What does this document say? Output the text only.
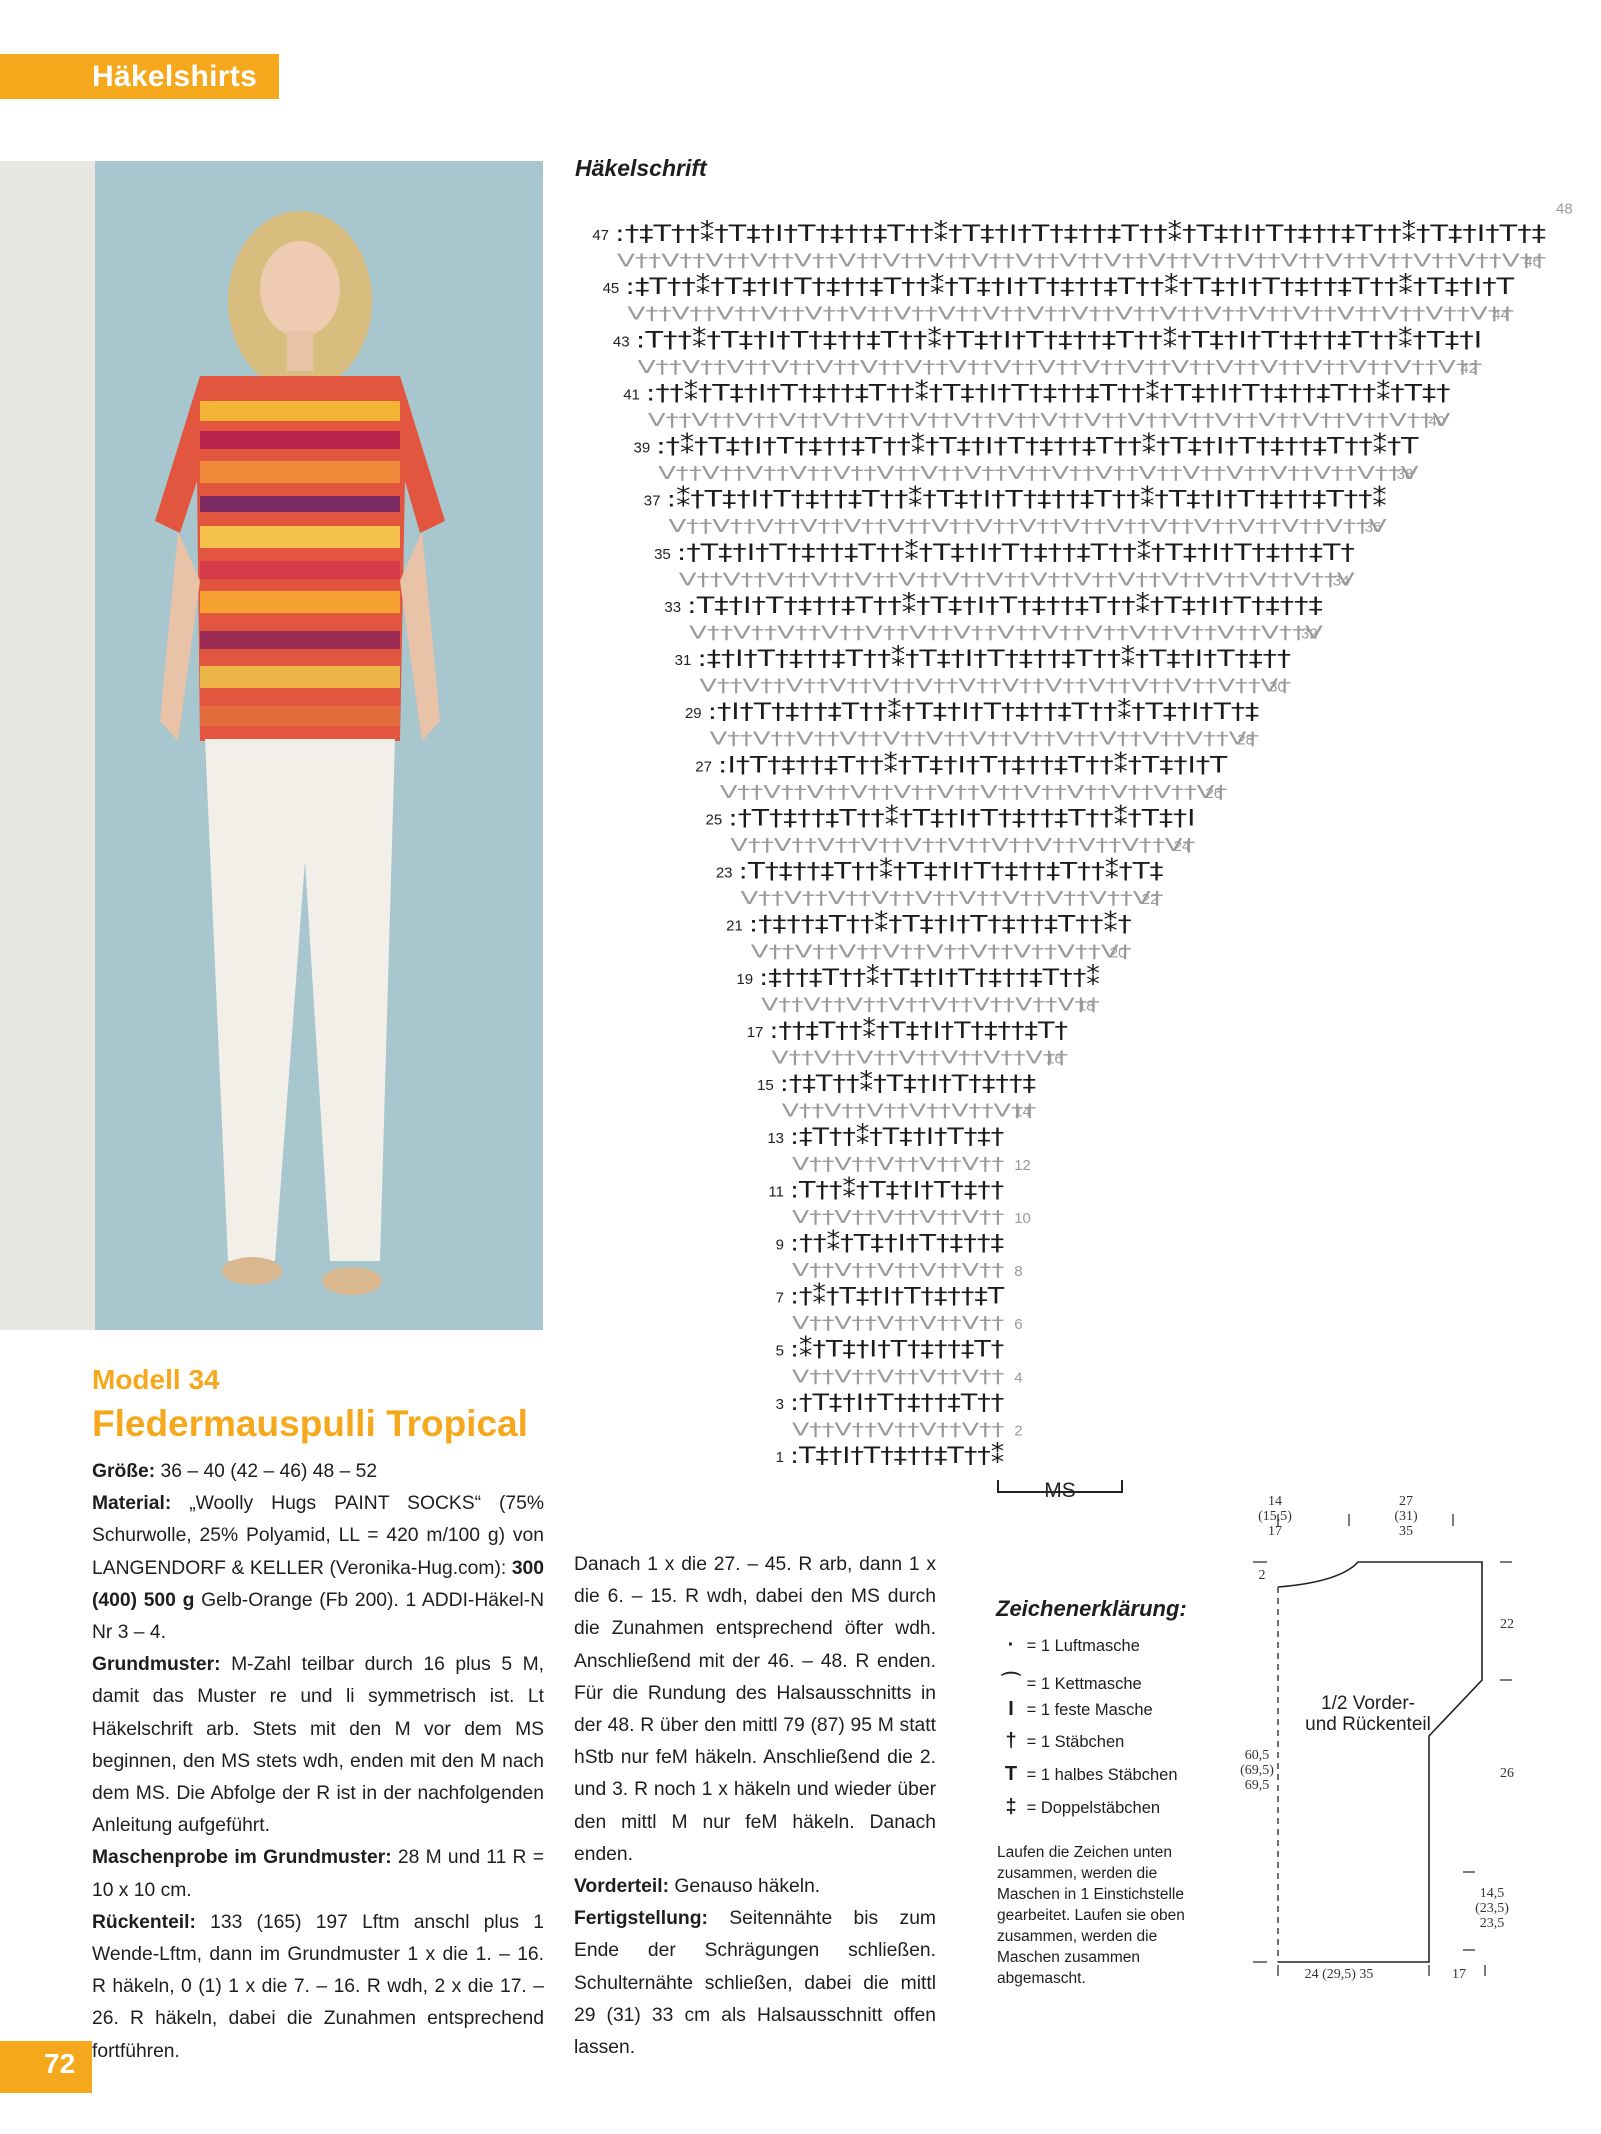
Häkelshirts
Häkelschrift
:†‡T††⁑†T‡†I†T†‡††‡T††⁑†T‡†I†T†‡††‡T††⁑†T‡†I†T†‡††‡T††⁑†T‡†I†T†‡
ᐯ††ᐯ††ᐯ††ᐯ††ᐯ††ᐯ††ᐯ††ᐯ††ᐯ††ᐯ††ᐯ††ᐯ††ᐯ††ᐯ††ᐯ††ᐯ††ᐯ††ᐯ††ᐯ††ᐯ††ᐯ††
:‡T††⁑†T‡†I†T†‡††‡T††⁑†T‡†I†T†‡††‡T††⁑†T‡†I†T†‡††‡T††⁑†T‡†I†T
ᐯ††ᐯ††ᐯ††ᐯ††ᐯ††ᐯ††ᐯ††ᐯ††ᐯ††ᐯ††ᐯ††ᐯ††ᐯ††ᐯ††ᐯ††ᐯ††ᐯ††ᐯ††ᐯ††ᐯ††
:T††⁑†T‡†I†T†‡††‡T††⁑†T‡†I†T†‡††‡T††⁑†T‡†I†T†‡††‡T††⁑†T‡†I
ᐯ††ᐯ††ᐯ††ᐯ††ᐯ††ᐯ††ᐯ††ᐯ††ᐯ††ᐯ††ᐯ††ᐯ††ᐯ††ᐯ††ᐯ††ᐯ††ᐯ††ᐯ††ᐯ††
:††⁑†T‡†I†T†‡††‡T††⁑†T‡†I†T†‡††‡T††⁑†T‡†I†T†‡††‡T††⁑†T‡†
ᐯ††ᐯ††ᐯ††ᐯ††ᐯ††ᐯ††ᐯ††ᐯ††ᐯ††ᐯ††ᐯ††ᐯ††ᐯ††ᐯ††ᐯ††ᐯ††ᐯ††ᐯ††ᐯ
:†⁑†T‡†I†T†‡††‡T††⁑†T‡†I†T†‡††‡T††⁑†T‡†I†T†‡††‡T††⁑†T
ᐯ††ᐯ††ᐯ††ᐯ††ᐯ††ᐯ††ᐯ††ᐯ††ᐯ††ᐯ††ᐯ††ᐯ††ᐯ††ᐯ††ᐯ††ᐯ††ᐯ††ᐯ
:⁑†T‡†I†T†‡††‡T††⁑†T‡†I†T†‡††‡T††⁑†T‡†I†T†‡††‡T††⁑
ᐯ††ᐯ††ᐯ††ᐯ††ᐯ††ᐯ††ᐯ††ᐯ††ᐯ††ᐯ††ᐯ††ᐯ††ᐯ††ᐯ††ᐯ††ᐯ††ᐯ
:†T‡†I†T†‡††‡T††⁑†T‡†I†T†‡††‡T††⁑†T‡†I†T†‡††‡T†
ᐯ††ᐯ††ᐯ††ᐯ††ᐯ††ᐯ††ᐯ††ᐯ††ᐯ††ᐯ††ᐯ††ᐯ††ᐯ††ᐯ††ᐯ††ᐯ
:T‡†I†T†‡††‡T††⁑†T‡†I†T†‡††‡T††⁑†T‡†I†T†‡††‡
ᐯ††ᐯ††ᐯ††ᐯ††ᐯ††ᐯ††ᐯ††ᐯ††ᐯ††ᐯ††ᐯ††ᐯ††ᐯ††ᐯ††ᐯ
:‡†I†T†‡††‡T††⁑†T‡†I†T†‡††‡T††⁑†T‡†I†T†‡††
ᐯ††ᐯ††ᐯ††ᐯ††ᐯ††ᐯ††ᐯ††ᐯ††ᐯ††ᐯ††ᐯ††ᐯ††ᐯ††ᐯ†
:†I†T†‡††‡T††⁑†T‡†I†T†‡††‡T††⁑†T‡†I†T†‡
ᐯ††ᐯ††ᐯ††ᐯ††ᐯ††ᐯ††ᐯ††ᐯ††ᐯ††ᐯ††ᐯ††ᐯ††ᐯ†
:I†T†‡††‡T††⁑†T‡†I†T†‡††‡T††⁑†T‡†I†T
ᐯ††ᐯ††ᐯ††ᐯ††ᐯ††ᐯ††ᐯ††ᐯ††ᐯ††ᐯ††ᐯ††ᐯ†
:†T†‡††‡T††⁑†T‡†I†T†‡††‡T††⁑†T‡†I
ᐯ††ᐯ††ᐯ††ᐯ††ᐯ††ᐯ††ᐯ††ᐯ††ᐯ††ᐯ††ᐯ†
:T†‡††‡T††⁑†T‡†I†T†‡††‡T††⁑†T‡
ᐯ††ᐯ††ᐯ††ᐯ††ᐯ††ᐯ††ᐯ††ᐯ††ᐯ††ᐯ†
:†‡††‡T††⁑†T‡†I†T†‡††‡T††⁑†
ᐯ††ᐯ††ᐯ††ᐯ††ᐯ††ᐯ††ᐯ††ᐯ††ᐯ†
:‡††‡T††⁑†T‡†I†T†‡††‡T††⁑
ᐯ††ᐯ††ᐯ††ᐯ††ᐯ††ᐯ††ᐯ††ᐯ††
:††‡T††⁑†T‡†I†T†‡††‡T†
ᐯ††ᐯ††ᐯ††ᐯ††ᐯ††ᐯ††ᐯ††
:†‡T††⁑†T‡†I†T†‡††‡
ᐯ††ᐯ††ᐯ††ᐯ††ᐯ††ᐯ††
:‡T††⁑†T‡†I†T†‡†
ᐯ††ᐯ††ᐯ††ᐯ††ᐯ††
:T††⁑†T‡†I†T†‡††
ᐯ††ᐯ††ᐯ††ᐯ††ᐯ††
:††⁑†T‡†I†T†‡††‡
ᐯ††ᐯ††ᐯ††ᐯ††ᐯ††
:†⁑†T‡†I†T†‡††‡T
ᐯ††ᐯ††ᐯ††ᐯ††ᐯ††
:⁑†T‡†I†T†‡††‡T†
ᐯ††ᐯ††ᐯ††ᐯ††ᐯ††
:†T‡†I†T†‡††‡T††
ᐯ††ᐯ††ᐯ††ᐯ††ᐯ††
:T‡†I†T†‡††‡T††⁑
47
45
43
41
39
37
35
33
31
29
27
25
23
21
19
17
15
13
11
9
7
5
3
1
48
46
44
42
40
38
36
34
32
30
28
26
24
22
20
18
16
14
12
10
8
6
4
2
MS
Modell 34
Fledermauspulli Tropical

Größe: 36 – 40 (42 – 46) 48 – 52

Material: „Woolly Hugs PAINT SOCKS“ (75% Schurwolle, 25% Polyamid, LL = 420 m/100 g) von LANGENDORF & KELLER (Veronika-Hug.com): 300 (400) 500 g Gelb-Orange (Fb 200). 1 ADDI-Häkel-N Nr 3 – 4.

Grundmuster: M-Zahl teilbar durch 16 plus 5 M, damit das Muster re und li symmetrisch ist. Lt Häkelschrift arb. Stets mit den M vor dem MS beginnen, den MS stets wdh, enden mit den M nach dem MS. Die Abfolge der R ist in der nachfolgenden Anleitung aufgeführt.

Maschenprobe im Grundmuster: 28 M und 11 R = 10 x 10 cm.

Rückenteil: 133 (165) 197 Lftm anschl plus 1 Wende-Lftm, dann im Grundmuster 1 x die 1. – 16. R häkeln, 0 (1) 1 x die 7. – 16. R wdh, 2 x die 17. – 26. R häkeln, dabei die Zunahmen entsprechend fortführen.

Danach 1 x die 27. – 45. R arb, dann 1 x die 6. – 15. R wdh, dabei den MS durch die Zunahmen entsprechend öfter wdh. Anschließend mit der 46. – 48. R enden. Für die Rundung des Halsausschnitts in der 48. R über den mittl 79 (87) 95 M statt hStb nur feM häkeln. Anschließend die 2. und 3. R noch 1 x häkeln und wieder über den mittl M nur feM häkeln. Danach enden.

Vorderteil: Genauso häkeln.

Fertigstellung: Seitennähte bis zum Ende der Schrägungen schließen. Schulternähte schließen, dabei die mittl 29 (31) 33 cm als Halsausschnitt offen lassen.

Zeichenerklärung:
· = 1 Luftmasche
⌒ = 1 Kettmasche
I = 1 feste Masche
† = 1 Stäbchen
T = 1 halbes Stäbchen
‡ = Doppelstäbchen
Laufen die Zeichen unten zusammen, werden die Maschen in 1 Einstichstelle gearbeitet. Laufen sie oben zusammen, werden die Maschen zusammen abgemascht.
14
(15,5)
17
27
(31)
35
2
22
60,5
(69,5)
69,5
26
14,5
(23,5)
23,5
24 (29,5) 35	17
1/2 Vorder- und Rückenteil
72
